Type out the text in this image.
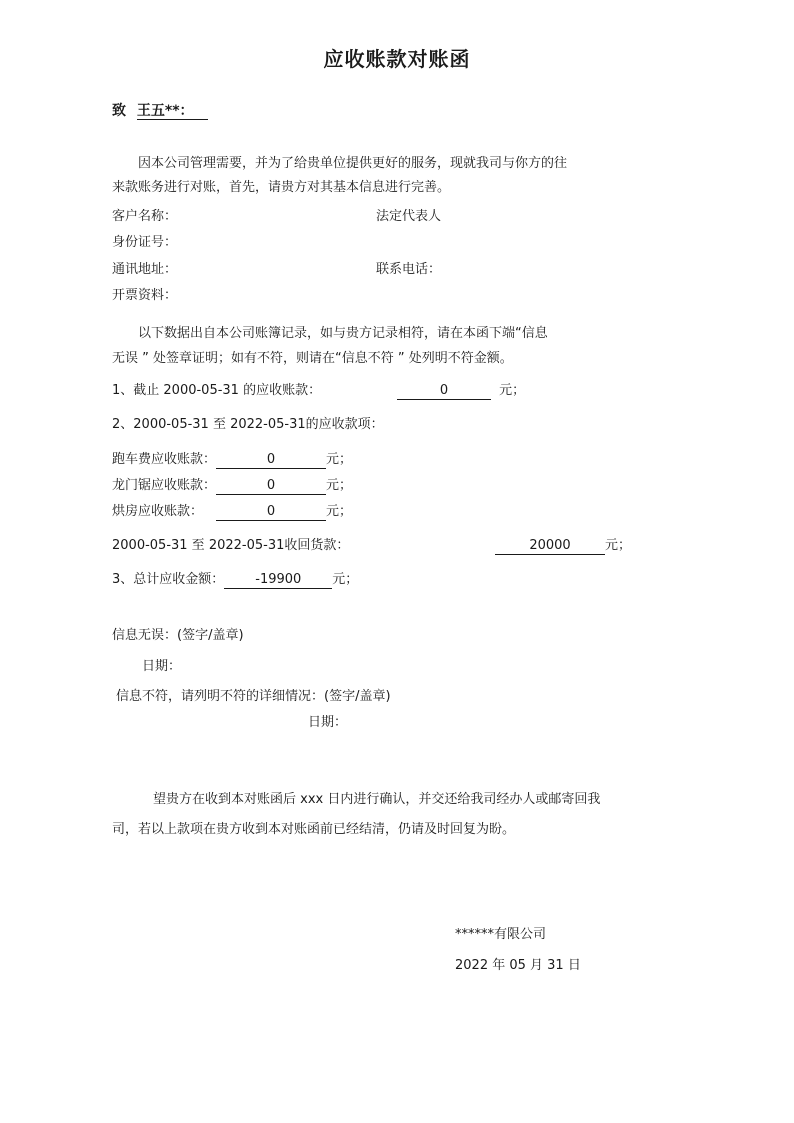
应收账款对账函
致 王五**：
因本公司管理需要，并为了给贵单位提供更好的服务，现就我司与你方的往
来款账务进行对账，首先，请贵方对其基本信息进行完善。
客户名称：	法定代表人
身份证号：
通讯地址：	联系电话：
开票资料：
以下数据出自本公司账簿记录，如与贵方记录相符，请在本函下端“信息
无误 ” 处签章证明；如有不符，则请在“信息不符 ” 处列明不符金额。
1、截止 2000-05-31 的应收账款：	0	元；
2、2000-05-31 至 2022-05-31的应收款项：
跑车费应收账款：	0	元；
龙门锯应收账款：	0	元；
烘房应收账款：	0	元；
2000-05-31 至 2022-05-31收回货款：	20000	元；
3、总计应收金额： -19900 元；
信息无误：(签字/盖章)
日期：
信息不符，请列明不符的详细情况：(签字/盖章)
日期：
望贵方在收到本对账函后 xxx 日内进行确认，并交还给我司经办人或邮寄回我
司，若以上款项在贵方收到本对账函前已经结清，仍请及时回复为盼。
******有限公司
2022 年 05 月 31 日
